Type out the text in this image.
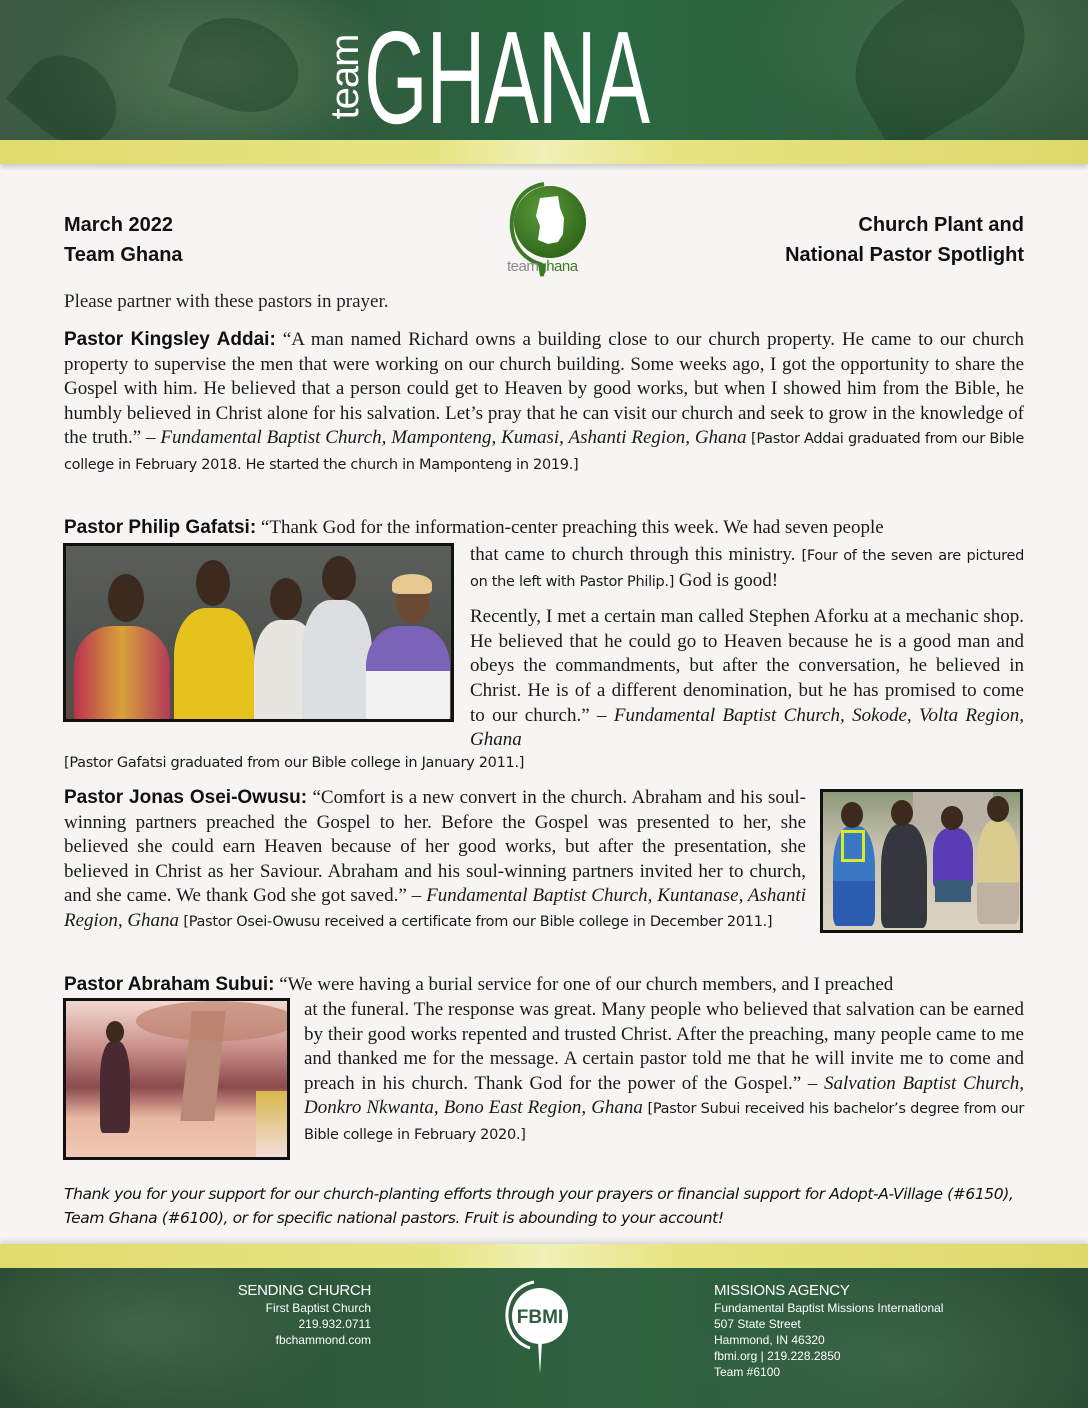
team
GHANA
March 2022
Team Ghana
teamghana
Church Plant and
National Pastor Spotlight
Please partner with these pastors in prayer.
Pastor Kingsley Addai: “A man named Richard owns a building close to our church property. He came to our church property to supervise the men that were working on our church building. Some weeks ago, I got the opportunity to share the Gospel with him. He believed that a person could get to Heaven by good works, but when I showed him from the Bible, he humbly believed in Christ alone for his salvation. Let’s pray that he can visit our church and seek to grow in the knowledge of the truth.” – Fundamental Baptist Church, Mamponteng, Kumasi, Ashanti Region, Ghana [Pastor Addai graduated from our Bible college in February 2018. He started the church in Mamponteng in 2019.]
Pastor Philip Gafatsi: “Thank God for the information-center preaching this week. We had seven people
that came to church through this ministry. [Four of the seven are pictured on the left with Pastor Philip.] God is good!
Recently, I met a certain man called Stephen Aforku at a mechanic shop. He believed that he could go to Heaven because he is a good man and obeys the commandments, but after the conversation, he believed in Christ. He is of a different denomination, but he has promised to come to our church.” – Fundamental Baptist Church, Sokode, Volta Region, Ghana
[Pastor Gafatsi graduated from our Bible college in January 2011.]
Pastor Jonas Osei-Owusu: “Comfort is a new convert in the church. Abraham and his soul-winning partners preached the Gospel to her. Before the Gospel was presented to her, she believed she could earn Heaven because of her good works, but after the presentation, she believed in Christ as her Saviour. Abraham and his soul-winning partners invited her to church, and she came. We thank God she got saved.” – Fundamental Baptist Church, Kuntanase, Ashanti Region, Ghana [Pastor Osei-Owusu received a certificate from our Bible college in December 2011.]
Pastor Abraham Subui: “We were having a burial service for one of our church members, and I preached
at the funeral. The response was great. Many people who believed that salvation can be earned by their good works repented and trusted Christ. After the preaching, many people came to me and thanked me for the message. A certain pastor told me that he will invite me to come and preach in his church. Thank God for the power of the Gospel.” – Salvation Baptist Church, Donkro Nkwanta, Bono East Region, Ghana [Pastor Subui received his bachelor’s degree from our Bible college in February 2020.]
Thank you for your support for our church-planting efforts through your prayers or financial support for Adopt-A-Village (#6150), Team Ghana (#6100), or for specific national pastors. Fruit is abounding to your account!
SENDING CHURCH
First Baptist Church
219.932.0711
fbchammond.com
FBMI
MISSIONS AGENCY
Fundamental Baptist Missions International
507 State Street
Hammond, IN 46320
fbmi.org | 219.228.2850
Team #6100
